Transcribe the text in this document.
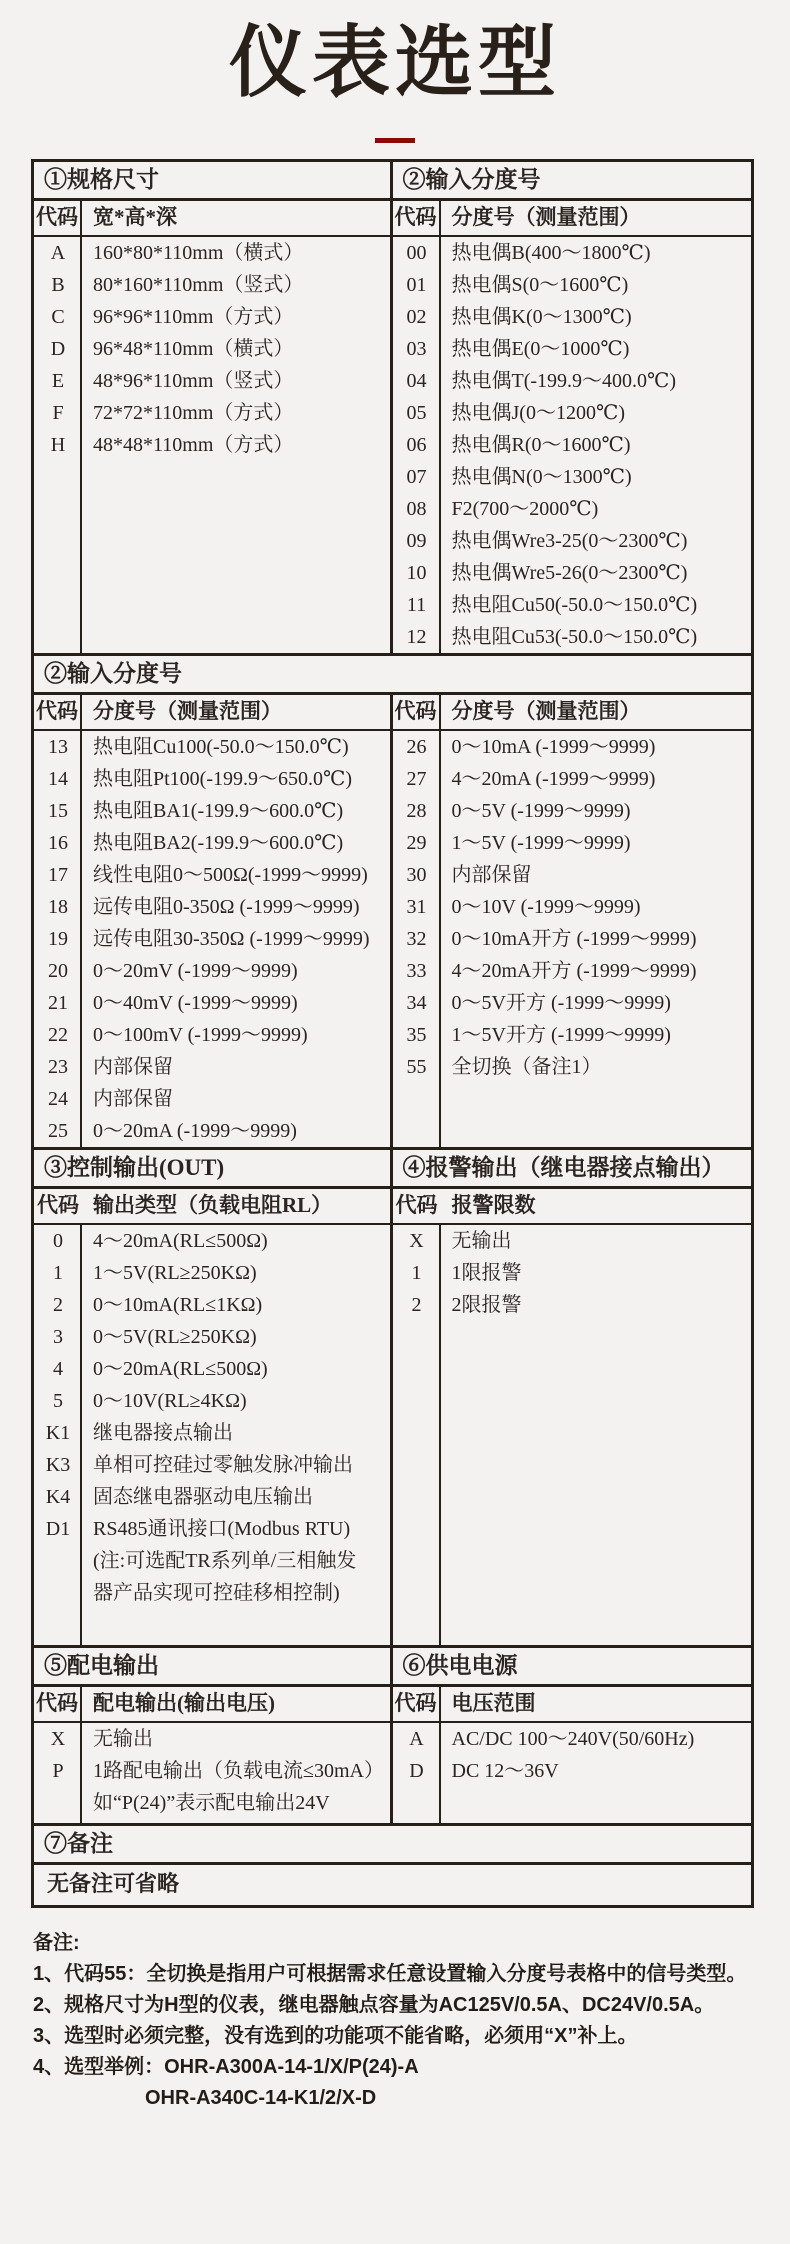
仪表选型
①规格尺寸
代码 宽*高*深
A	160*80*110mm（横式）
B	80*160*110mm（竖式）
C	96*96*110mm（方式）
D	96*48*110mm（横式）
E	48*96*110mm（竖式）
F	72*72*110mm（方式）
H	48*48*110mm（方式）
②输入分度号
代码 分度号（测量范围）
00	热电偶B(400～1800℃)
01	热电偶S(0～1600℃)
02	热电偶K(0～1300℃)
03	热电偶E(0～1000℃)
04	热电偶T(-199.9～400.0℃)
05	热电偶J(0～1200℃)
06	热电偶R(0～1600℃)
07	热电偶N(0～1300℃)
08	F2(700～2000℃)
09	热电偶Wre3-25(0～2300℃)
10	热电偶Wre5-26(0～2300℃)
11	热电阻Cu50(-50.0～150.0℃)
12	热电阻Cu53(-50.0～150.0℃)
②输入分度号
代码 分度号（测量范围）
13	热电阻Cu100(-50.0～150.0℃)
14	热电阻Pt100(-199.9～650.0℃)
15	热电阻BA1(-199.9～600.0℃)
16	热电阻BA2(-199.9～600.0℃)
17	线性电阻0～500Ω(-1999～9999)
18	远传电阻0-350Ω (-1999～9999)
19	远传电阻30-350Ω (-1999～9999)
20	0～20mV (-1999～9999)
21	0～40mV (-1999～9999)
22	0～100mV (-1999～9999)
23	内部保留
24	内部保留
25	0～20mA (-1999～9999)
代码 分度号（测量范围）
26	0～10mA (-1999～9999)
27	4～20mA (-1999～9999)
28	0～5V (-1999～9999)
29	1～5V (-1999～9999)
30	内部保留
31	0～10V (-1999～9999)
32	0～10mA开方 (-1999～9999)
33	4～20mA开方 (-1999～9999)
34	0～5V开方 (-1999～9999)
35	1～5V开方 (-1999～9999)
55	全切换（备注1）
③控制输出(OUT)
代码 输出类型（负载电阻RL）
0	4～20mA(RL≤500Ω)
1	1～5V(RL≥250KΩ)
2	0～10mA(RL≤1KΩ)
3	0～5V(RL≥250KΩ)
4	0～20mA(RL≤500Ω)
5	0～10V(RL≥4KΩ)
K1	继电器接点输出
K3	单相可控硅过零触发脉冲输出
K4	固态继电器驱动电压输出
D1	RS485通讯接口(Modbus RTU)
(注:可选配TR系列单/三相触发
器产品实现可控硅移相控制)
④报警输出（继电器接点输出）
代码 报警限数
X	无输出
1	1限报警
2	2限报警
⑤配电输出
代码 配电输出(输出电压)
X	无输出
P	1路配电输出（负载电流≤30mA）
如“P(24)”表示配电输出24V
⑥供电电源
代码 电压范围
A	AC/DC 100～240V(50/60Hz)
D	DC 12～36V
⑦备注
无备注可省略
备注:
1、代码55：全切换是指用户可根据需求任意设置输入分度号表格中的信号类型。
2、规格尺寸为H型的仪表，继电器触点容量为AC125V/0.5A、DC24V/0.5A。
3、选型时必须完整，没有选到的功能项不能省略，必须用“X”补上。
4、选型举例：OHR-A300A-14-1/X/P(24)-A
OHR-A340C-14-K1/2/X-D
